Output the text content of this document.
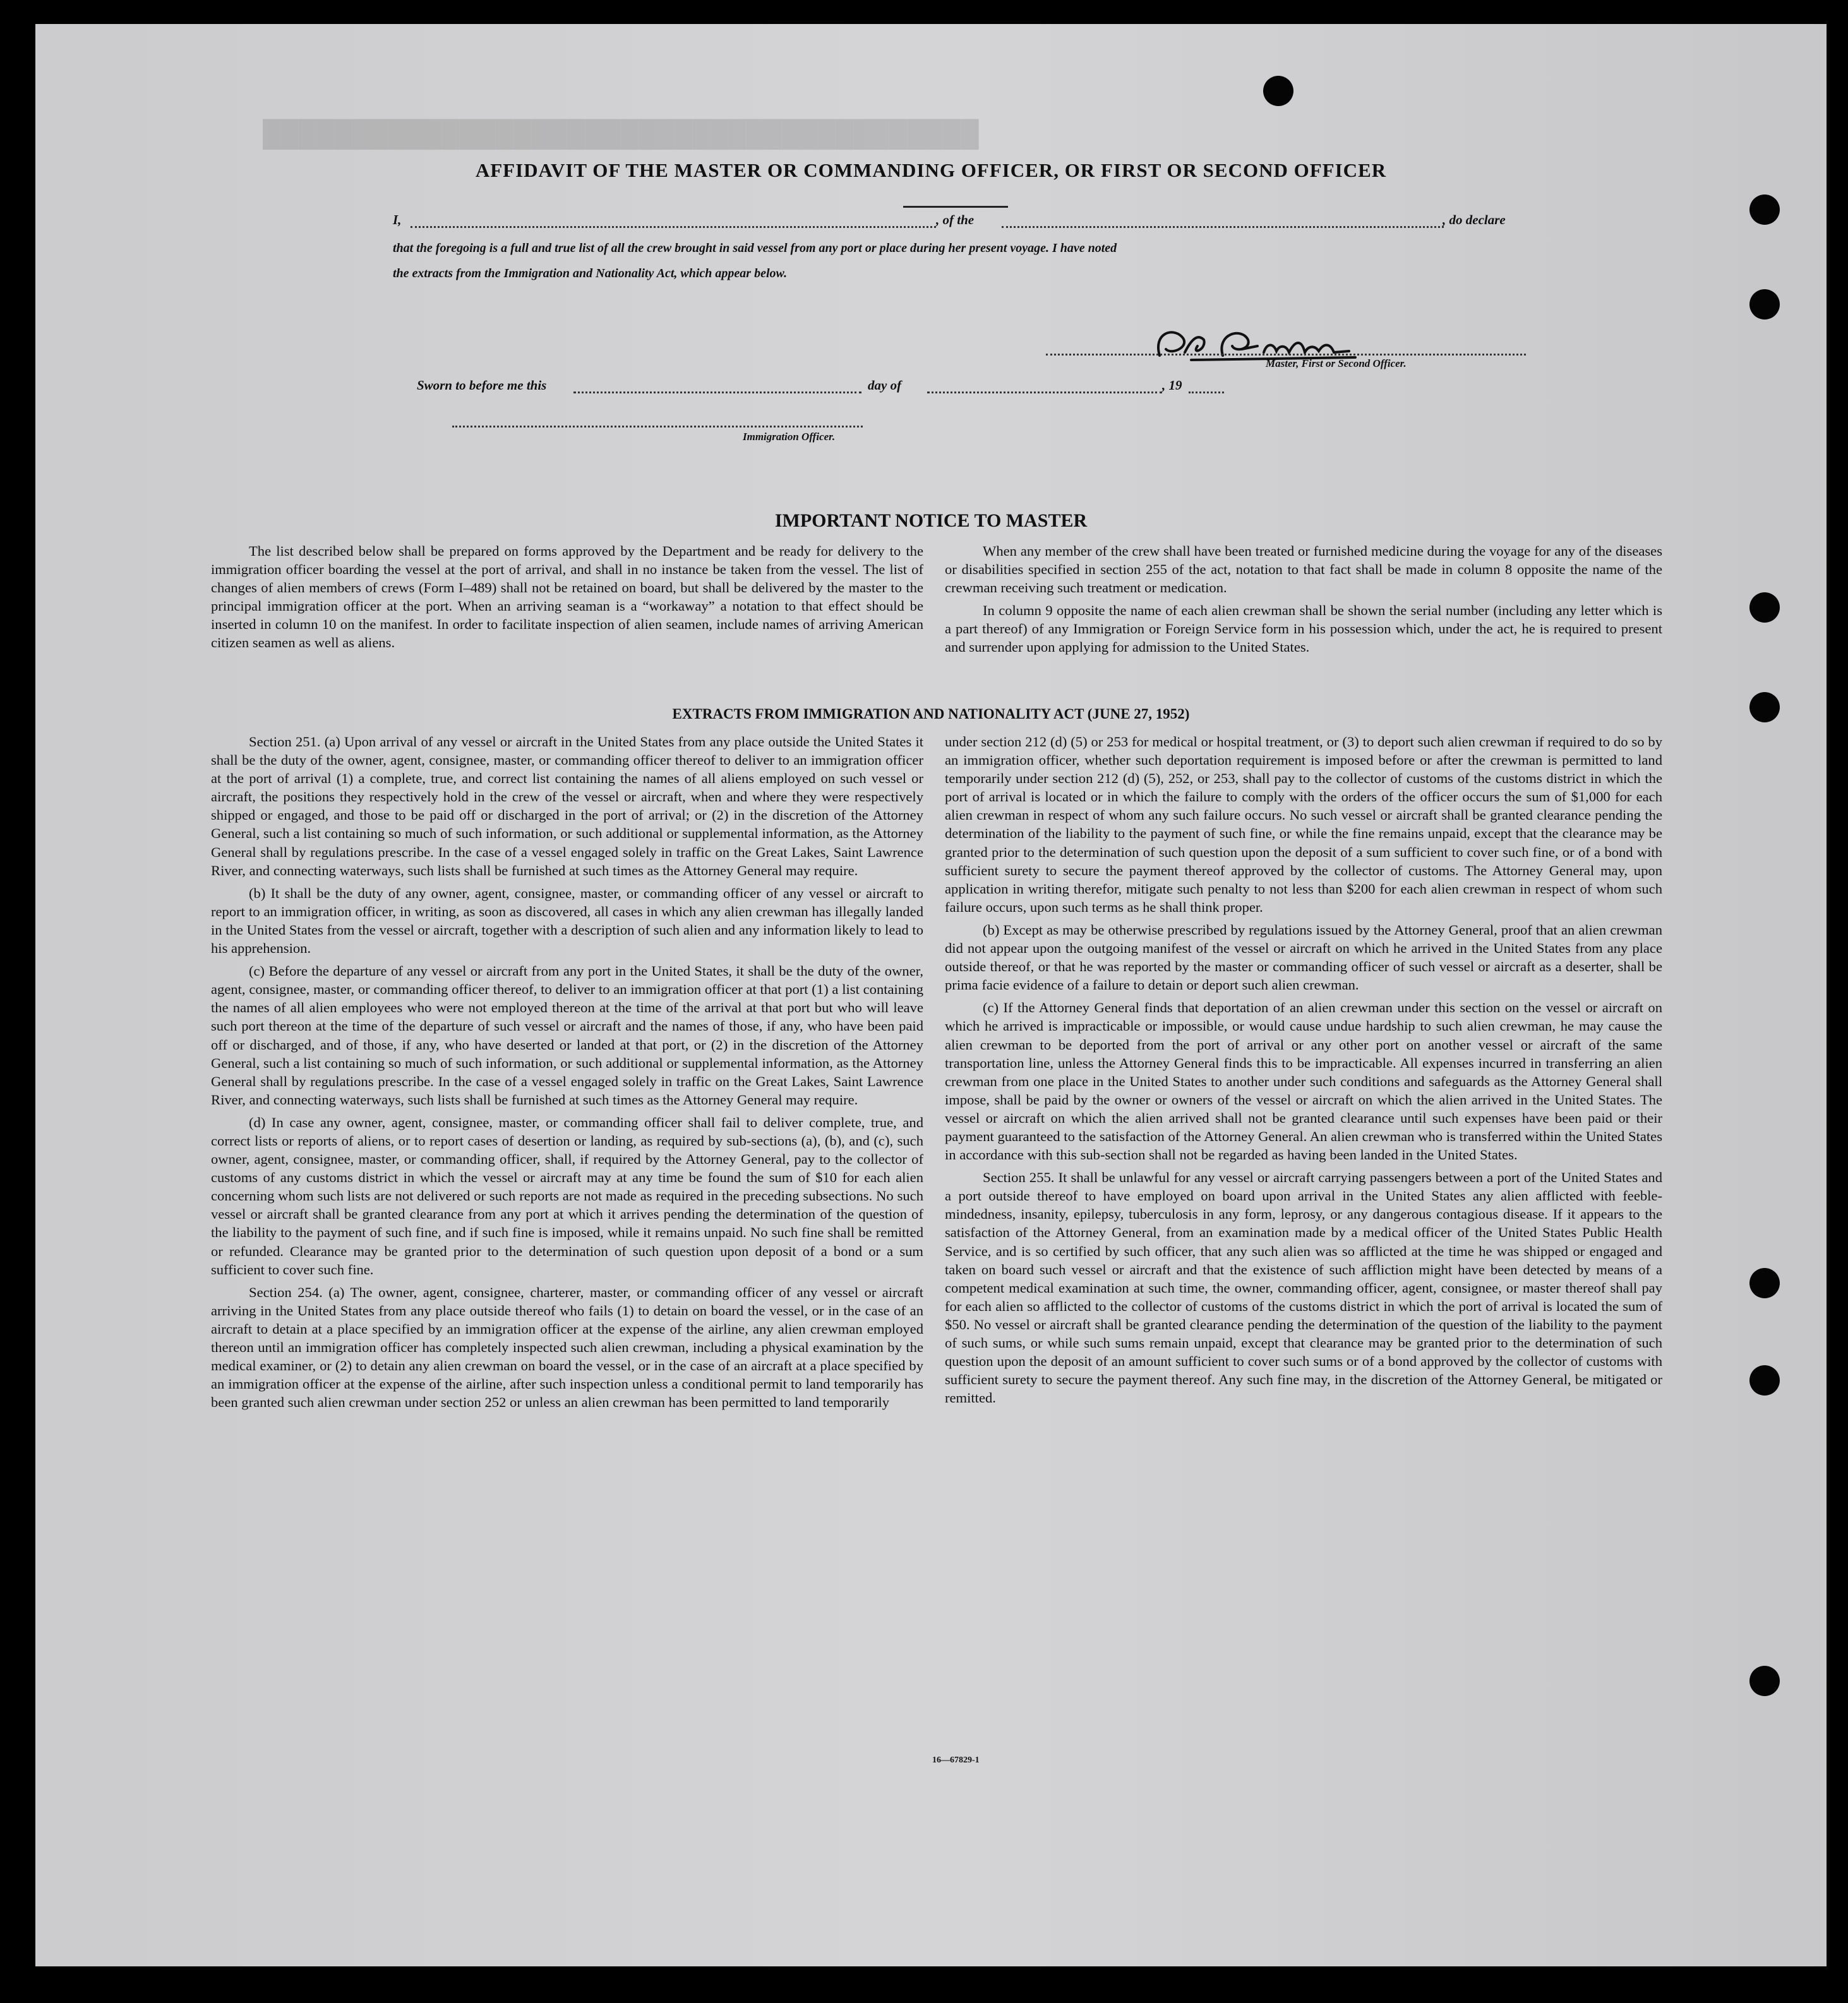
████████████████████████████████████████
AFFIDAVIT OF THE MASTER OR COMMANDING OFFICER, OR FIRST OR SECOND OFFICER
I,	, of the	, do declare
that the foregoing is a full and true list of all the crew brought in said vessel from any port or place during her present voyage. I have noted
the extracts from the Immigration and Nationality Act, which appear below.
Master, First or Second Officer.
Sworn to before me this	day of	, 19
Immigration Officer.
IMPORTANT NOTICE TO MASTER

The list described below shall be prepared on forms approved by the Department and be ready for delivery to the immigration officer boarding the vessel at the port of arrival, and shall in no instance be taken from the vessel. The list of changes of alien members of crews (Form I–489) shall not be retained on board, but shall be delivered by the master to the principal immigration officer at the port. When an arriving seaman is a “workaway” a notation to that effect should be inserted in column 10 on the manifest. In order to facilitate inspection of alien seamen, include names of arriving American citizen seamen as well as aliens.

When any member of the crew shall have been treated or furnished medicine during the voyage for any of the diseases or disabilities specified in section 255 of the act, notation to that fact shall be made in column 8 opposite the name of the crewman receiving such treatment or medication.

In column 9 opposite the name of each alien crewman shall be shown the serial number (including any letter which is a part thereof) of any Immigration or Foreign Service form in his possession which, under the act, he is required to present and surrender upon applying for admission to the United States.

EXTRACTS FROM IMMIGRATION AND NATIONALITY ACT (JUNE 27, 1952)

Section 251. (a) Upon arrival of any vessel or aircraft in the United States from any place outside the United States it shall be the duty of the owner, agent, consignee, master, or commanding officer thereof to deliver to an immigration officer at the port of arrival (1) a complete, true, and correct list containing the names of all aliens employed on such vessel or aircraft, the positions they respectively hold in the crew of the vessel or aircraft, when and where they were respectively shipped or engaged, and those to be paid off or discharged in the port of arrival; or (2) in the discretion of the Attorney General, such a list containing so much of such information, or such additional or supplemental information, as the Attorney General shall by regulations prescribe. In the case of a vessel engaged solely in traffic on the Great Lakes, Saint Lawrence River, and connecting waterways, such lists shall be furnished at such times as the Attorney General may require.

(b) It shall be the duty of any owner, agent, consignee, master, or commanding officer of any vessel or aircraft to report to an immigration officer, in writing, as soon as discovered, all cases in which any alien crewman has illegally landed in the United States from the vessel or aircraft, together with a description of such alien and any information likely to lead to his apprehension.

(c) Before the departure of any vessel or aircraft from any port in the United States, it shall be the duty of the owner, agent, consignee, master, or commanding officer thereof, to deliver to an immigration officer at that port (1) a list containing the names of all alien employees who were not employed thereon at the time of the arrival at that port but who will leave such port thereon at the time of the departure of such vessel or aircraft and the names of those, if any, who have been paid off or discharged, and of those, if any, who have deserted or landed at that port, or (2) in the discretion of the Attorney General, such a list containing so much of such information, or such additional or supplemental information, as the Attorney General shall by regulations prescribe. In the case of a vessel engaged solely in traffic on the Great Lakes, Saint Lawrence River, and connecting waterways, such lists shall be furnished at such times as the Attorney General may require.

(d) In case any owner, agent, consignee, master, or commanding officer shall fail to deliver complete, true, and correct lists or reports of aliens, or to report cases of desertion or landing, as required by sub-sections (a), (b), and (c), such owner, agent, consignee, master, or commanding officer, shall, if required by the Attorney General, pay to the collector of customs of any customs district in which the vessel or aircraft may at any time be found the sum of $10 for each alien concerning whom such lists are not delivered or such reports are not made as required in the preceding subsections. No such vessel or aircraft shall be granted clearance from any port at which it arrives pending the determination of the question of the liability to the payment of such fine, and if such fine is imposed, while it remains unpaid. No such fine shall be remitted or refunded. Clearance may be granted prior to the determination of such question upon deposit of a bond or a sum sufficient to cover such fine.

Section 254. (a) The owner, agent, consignee, charterer, master, or commanding officer of any vessel or aircraft arriving in the United States from any place outside thereof who fails (1) to detain on board the vessel, or in the case of an aircraft to detain at a place specified by an immigration officer at the expense of the airline, any alien crewman employed thereon until an immigration officer has completely inspected such alien crewman, including a physical examination by the medical examiner, or (2) to detain any alien crewman on board the vessel, or in the case of an aircraft at a place specified by an immigration officer at the expense of the airline, after such inspection unless a conditional permit to land temporarily has been granted such alien crewman under section 252 or unless an alien crewman has been permitted to land temporarily

under section 212 (d) (5) or 253 for medical or hospital treatment, or (3) to deport such alien crewman if required to do so by an immigration officer, whether such deportation requirement is imposed before or after the crewman is permitted to land temporarily under section 212 (d) (5), 252, or 253, shall pay to the collector of customs of the customs district in which the port of arrival is located or in which the failure to comply with the orders of the officer occurs the sum of $1,000 for each alien crewman in respect of whom any such failure occurs. No such vessel or aircraft shall be granted clearance pending the determination of the liability to the payment of such fine, or while the fine remains unpaid, except that the clearance may be granted prior to the determination of such question upon the deposit of a sum sufficient to cover such fine, or of a bond with sufficient surety to secure the payment thereof approved by the collector of customs. The Attorney General may, upon application in writing therefor, mitigate such penalty to not less than $200 for each alien crewman in respect of whom such failure occurs, upon such terms as he shall think proper.

(b) Except as may be otherwise prescribed by regulations issued by the Attorney General, proof that an alien crewman did not appear upon the outgoing manifest of the vessel or aircraft on which he arrived in the United States from any place outside thereof, or that he was reported by the master or commanding officer of such vessel or aircraft as a deserter, shall be prima facie evidence of a failure to detain or deport such alien crewman.

(c) If the Attorney General finds that deportation of an alien crewman under this section on the vessel or aircraft on which he arrived is impracticable or impossible, or would cause undue hardship to such alien crewman, he may cause the alien crewman to be deported from the port of arrival or any other port on another vessel or aircraft of the same transportation line, unless the Attorney General finds this to be impracticable. All expenses incurred in transferring an alien crewman from one place in the United States to another under such conditions and safeguards as the Attorney General shall impose, shall be paid by the owner or owners of the vessel or aircraft on which the alien arrived in the United States. The vessel or aircraft on which the alien arrived shall not be granted clearance until such expenses have been paid or their payment guaranteed to the satisfaction of the Attorney General. An alien crewman who is transferred within the United States in accordance with this sub-section shall not be regarded as having been landed in the United States.

Section 255. It shall be unlawful for any vessel or aircraft carrying passengers between a port of the United States and a port outside thereof to have employed on board upon arrival in the United States any alien afflicted with feeble-mindedness, insanity, epilepsy, tuberculosis in any form, leprosy, or any dangerous contagious disease. If it appears to the satisfaction of the Attorney General, from an examination made by a medical officer of the United States Public Health Service, and is so certified by such officer, that any such alien was so afflicted at the time he was shipped or engaged and taken on board such vessel or aircraft and that the existence of such affliction might have been detected by means of a competent medical examination at such time, the owner, commanding officer, agent, consignee, or master thereof shall pay for each alien so afflicted to the collector of customs of the customs district in which the port of arrival is located the sum of $50. No vessel or aircraft shall be granted clearance pending the determination of the question of the liability to the payment of such sums, or while such sums remain unpaid, except that clearance may be granted prior to the determination of such question upon the deposit of an amount sufficient to cover such sums or of a bond approved by the collector of customs with sufficient surety to secure the payment thereof. Any such fine may, in the discretion of the Attorney General, be mitigated or remitted.

16—67829-1
